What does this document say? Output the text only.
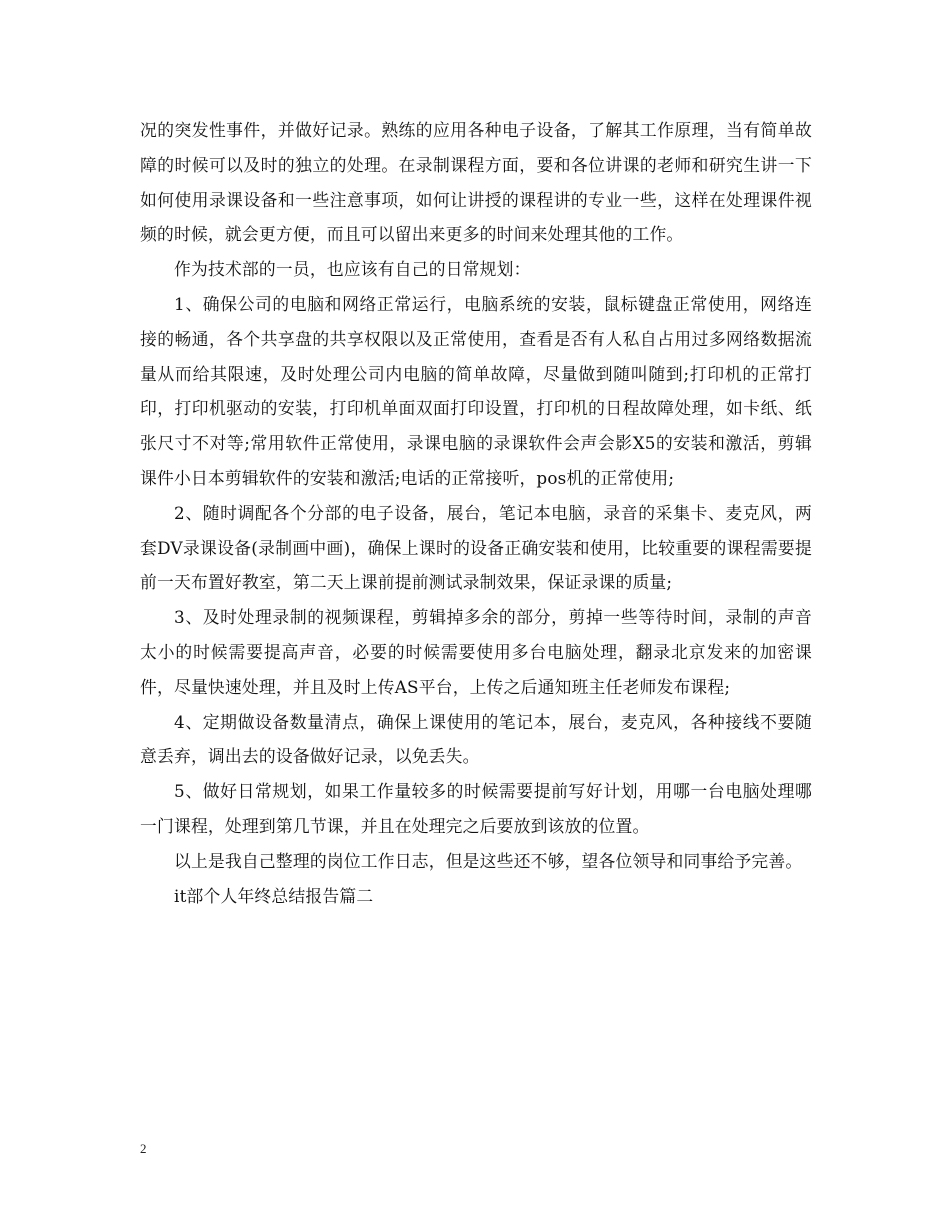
况的突发性事件，并做好记录。熟练的应用各种电子设备，了解其工作原理，当有简单故障的时候可以及时的独立的处理。在录制课程方面，要和各位讲课的老师和研究生讲一下如何使用录课设备和一些注意事项，如何让讲授的课程讲的专业一些，这样在处理课件视频的时候，就会更方便，而且可以留出来更多的时间来处理其他的工作。

作为技术部的一员，也应该有自己的日常规划：

1、确保公司的电脑和网络正常运行，电脑系统的安装，鼠标键盘正常使用，网络连接的畅通，各个共享盘的共享权限以及正常使用，查看是否有人私自占用过多网络数据流量从而给其限速，及时处理公司内电脑的简单故障，尽量做到随叫随到;打印机的正常打印，打印机驱动的安装，打印机单面双面打印设置，打印机的日程故障处理，如卡纸、纸张尺寸不对等;常用软件正常使用，录课电脑的录课软件会声会影X5的安装和激活，剪辑课件小日本剪辑软件的安装和激活;电话的正常接听，pos机的正常使用;

2、随时调配各个分部的电子设备，展台，笔记本电脑，录音的采集卡、麦克风，两套DV录课设备(录制画中画)，确保上课时的设备正确安装和使用，比较重要的课程需要提前一天布置好教室，第二天上课前提前测试录制效果，保证录课的质量;

3、及时处理录制的视频课程，剪辑掉多余的部分，剪掉一些等待时间，录制的声音太小的时候需要提高声音，必要的时候需要使用多台电脑处理，翻录北京发来的加密课件，尽量快速处理，并且及时上传AS平台，上传之后通知班主任老师发布课程;

4、定期做设备数量清点，确保上课使用的笔记本，展台，麦克风，各种接线不要随意丢弃，调出去的设备做好记录，以免丢失。

5、做好日常规划，如果工作量较多的时候需要提前写好计划，用哪一台电脑处理哪一门课程，处理到第几节课，并且在处理完之后要放到该放的位置。

以上是我自己整理的岗位工作日志，但是这些还不够，望各位领导和同事给予完善。

it部个人年终总结报告篇二

2
